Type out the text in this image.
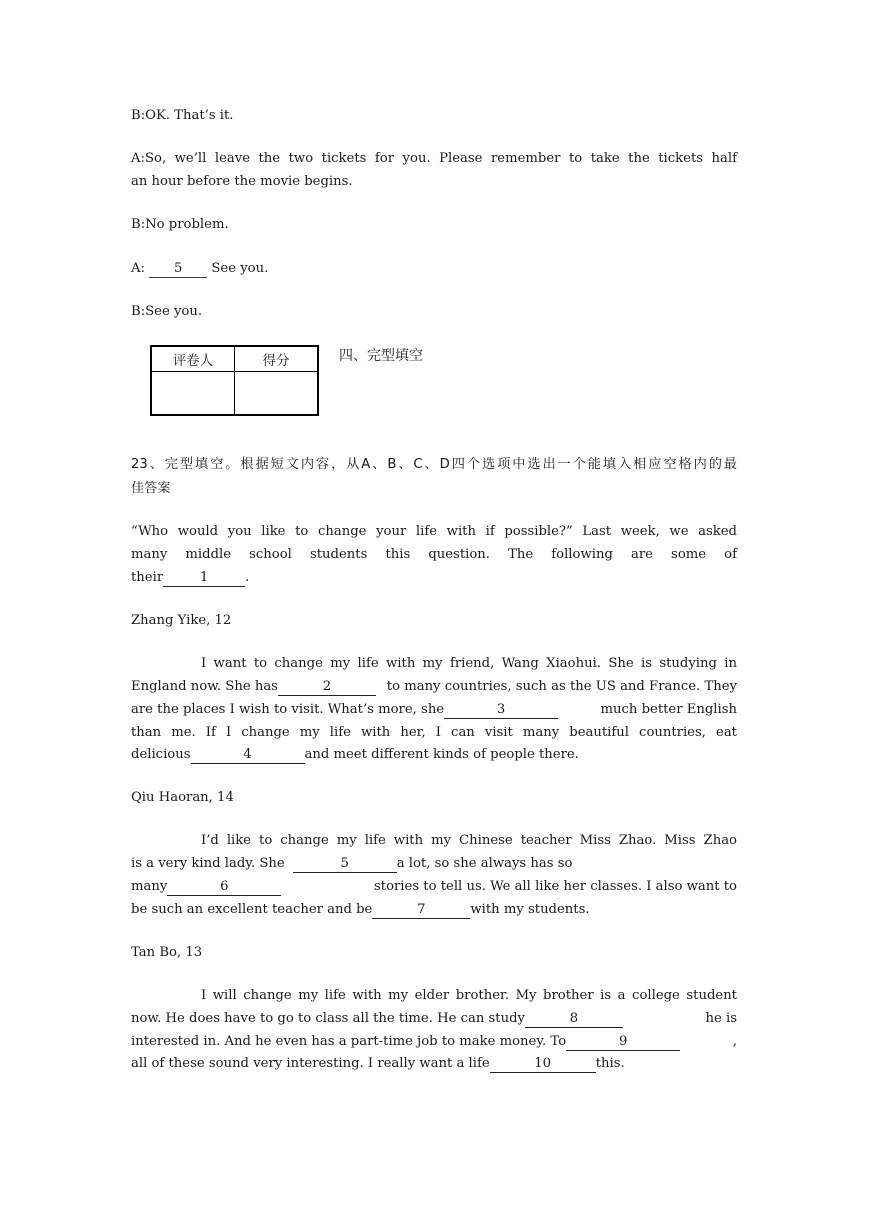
B:OK. That’s it.
A:So, we’ll leave the two tickets for you. Please remember to take the tickets half
an hour before the movie begins.
B:No problem.
A: 5 See you.
B:See you.
评卷人	得分
		四、完型填空
23、完型填空。根据短文内容，从A、B、C、D四个选项中选出一个能填入相应空格内的最
佳答案
“Who would you like to change your life with if possible?” Last week, we asked
many middle school students this question. The following are some of
their	1	.
Zhang Yike, 12
I want to change my life with my friend, Wang Xiaohui. She is studying in
England now. She has	2	to many countries, such as the US and France. They
are the places I wish to visit. What’s more, she	3	much better English
than me. If I change my life with her, I can visit many beautiful countries, eat
delicious	4	and meet different kinds of people there.
Qiu Haoran, 14
I’d like to change my life with my Chinese teacher Miss Zhao. Miss Zhao
is a very kind lady. She	5	a lot, so she always has so
many	6	stories to tell us. We all like her classes. I also want to
be such an excellent teacher and be	7	with my students.
Tan Bo, 13
I will change my life with my elder brother. My brother is a college student
now. He does have to go to class all the time. He can study	8	he is
interested in. And he even has a part-time job to make money. To	9	,
all of these sound very interesting. I really want a life	10	this.
